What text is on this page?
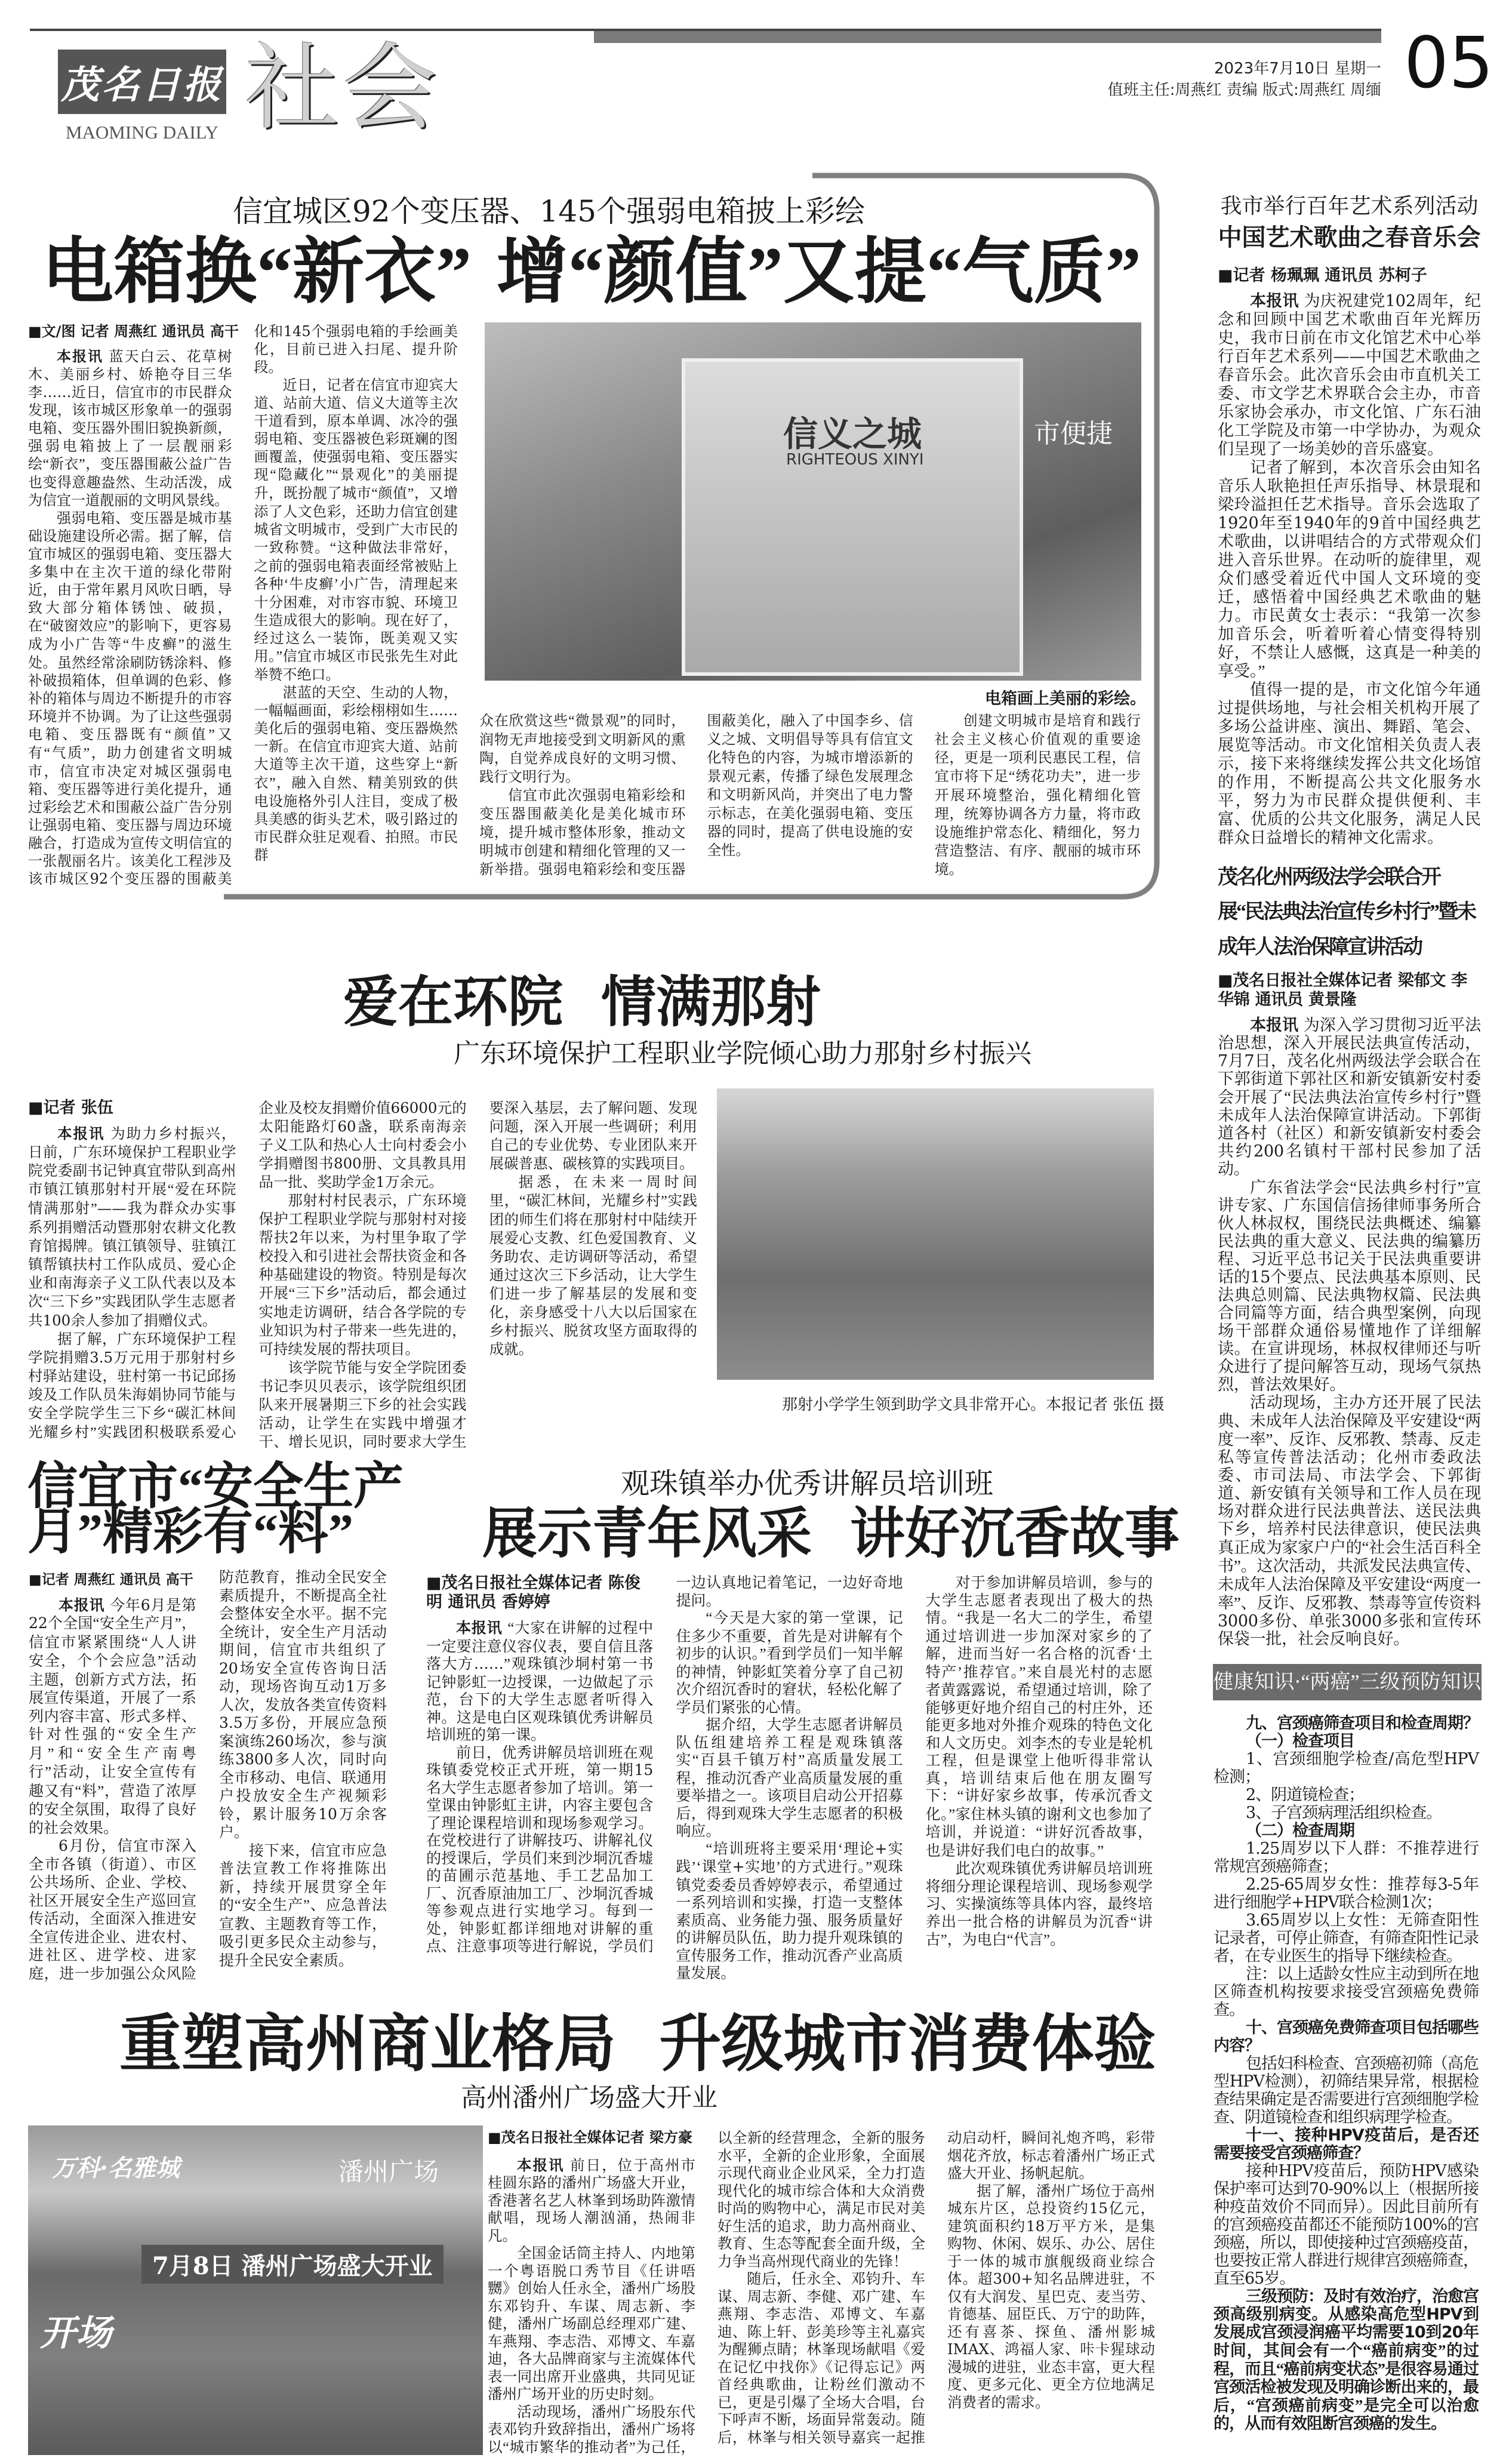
茂名日报
MAOMING DAILY 社会	2023年7月10日 星期一
值班主任:周燕红 责编 版式:周燕红 周缅 05
信宜城区92个变压器、145个强弱电箱披上彩绘
电箱换“新衣” 增“颜值”又提“气质”
■文/图 记者 周燕红 通讯员 高干

本报讯 蓝天白云、花草树木、美丽乡村、娇艳夺目三华李……近日，信宜市的市民群众发现，该市城区形象单一的强弱电箱、变压器外围旧貌换新颜，强弱电箱披上了一层靓丽彩绘“新衣”，变压器围蔽公益广告也变得意趣盎然、生动活泼，成为信宜一道靓丽的文明风景线。

强弱电箱、变压器是城市基础设施建设所必需。据了解，信宜市城区的强弱电箱、变压器大多集中在主次干道的绿化带附近，由于常年累月风吹日晒，导致大部分箱体锈蚀、破损，在“破窗效应”的影响下，更容易成为小广告等“牛皮癣”的滋生处。虽然经常涂刷防锈涂料、修补破损箱体，但单调的色彩、修补的箱体与周边不断提升的市容环境并不协调。为了让这些强弱电箱、变压器既有“颜值”又有“气质”，助力创建省文明城市，信宜市决定对城区强弱电箱、变压器等进行美化提升，通过彩绘艺术和围蔽公益广告分别让强弱电箱、变压器与周边环境融合，打造成为宣传文明信宜的一张靓丽名片。该美化工程涉及该市城区92个变压器的围蔽美化和145个强弱电箱的手绘画美化，目前已进入扫尾、提升阶段。

近日，记者在信宜市迎宾大道、站前大道、信义大道等主次干道看到，原本单调、冰冷的强弱电箱、变压器被色彩斑斓的图画覆盖，使强弱电箱、变压器实现“隐藏化”“景观化”的美丽提升，既扮靓了城市“颜值”，又增添了人文色彩，还助力信宜创建城省文明城市，受到广大市民的一致称赞。“这种做法非常好，之前的强弱电箱表面经常被贴上各种‘牛皮癣’小广告，清理起来十分困难，对市容市貌、环境卫生造成很大的影响。现在好了，经过这么一装饰，既美观又实用。”信宜市城区市民张先生对此举赞不绝口。

湛蓝的天空、生动的人物，一幅幅画面，彩绘栩栩如生……美化后的强弱电箱、变压器焕然一新。在信宜市迎宾大道、站前大道等主次干道，这些穿上“新衣”，融入自然、精美别致的供电设施格外引人注目，变成了极具美感的街头艺术，吸引路过的市民群众驻足观看、拍照。市民群

信义之城
RIGHTEOUS XINYI
市便捷
电箱画上美丽的彩绘。

众在欣赏这些“微景观”的同时，润物无声地接受到文明新风的熏陶，自觉养成良好的文明习惯、践行文明行为。

信宜市此次强弱电箱彩绘和变压器围蔽美化是美化城市环境，提升城市整体形象，推动文明城市创建和精细化管理的又一新举措。强弱电箱彩绘和变压器围蔽美化，融入了中国李乡、信义之城、文明倡导等具有信宜文化特色的内容，为城市增添新的景观元素，传播了绿色发展理念和文明新风尚，并突出了电力警示标志，在美化强弱电箱、变压器的同时，提高了供电设施的安全性。

创建文明城市是培育和践行社会主义核心价值观的重要途径，更是一项利民惠民工程，信宜市将下足“绣花功夫”，进一步开展环境整治，强化精细化管理，统筹协调各方力量，将市政设施维护常态化、精细化，努力营造整洁、有序、靓丽的城市环境。

我市举行百年艺术系列活动
中国艺术歌曲之春音乐会
■记者 杨珮珮 通讯员 苏柯子

本报讯 为庆祝建党102周年，纪念和回顾中国艺术歌曲百年光辉历史，我市日前在市文化馆艺术中心举行百年艺术系列——中国艺术歌曲之春音乐会。此次音乐会由市直机关工委、市文学艺术界联合会主办，市音乐家协会承办，市文化馆、广东石油化工学院及市第一中学协办，为观众们呈现了一场美妙的音乐盛宴。

记者了解到，本次音乐会由知名音乐人耿艳担任声乐指导、林景琨和梁玲溢担任艺术指导。音乐会选取了1920年至1940年的9首中国经典艺术歌曲，以讲唱结合的方式带观众们进入音乐世界。在动听的旋律里，观众们感受着近代中国人文环境的变迁，感悟着中国经典艺术歌曲的魅力。市民黄女士表示：“我第一次参加音乐会，听着听着心情变得特别好，不禁让人感慨，这真是一种美的享受。”

值得一提的是，市文化馆今年通过提供场地，与社会相关机构开展了多场公益讲座、演出、舞蹈、笔会、展览等活动。市文化馆相关负责人表示，接下来将继续发挥公共文化场馆的作用，不断提高公共文化服务水平，努力为市民群众提供便利、丰富、优质的公共文化服务，满足人民群众日益增长的精神文化需求。

茂名化州两级法学会联合开展“民法典法治宣传乡村行”暨未成年人法治保障宣讲活动
■茂名日报社全媒体记者 梁郁文 李华锦 通讯员 黄景隆

本报讯 为深入学习贯彻习近平法治思想，深入开展民法典宣传活动，7月7日，茂名化州两级法学会联合在下郭街道下郭社区和新安镇新安村委会开展了“民法典法治宣传乡村行”暨未成年人法治保障宣讲活动。下郭街道各村（社区）和新安镇新安村委会共约200名镇村干部村民参加了活动。

广东省法学会“民法典乡村行”宣讲专家、广东国信信扬律师事务所合伙人林叔权，围绕民法典概述、编纂民法典的重大意义、民法典的编纂历程、习近平总书记关于民法典重要讲话的15个要点、民法典基本原则、民法典总则篇、民法典物权篇、民法典合同篇等方面，结合典型案例，向现场干部群众通俗易懂地作了详细解读。在宣讲现场，林叔权律师还与听众进行了提问解答互动，现场气氛热烈，普法效果好。

活动现场，主办方还开展了民法典、未成年人法治保障及平安建设“两度一率”、反诈、反邪教、禁毒、反走私等宣传普法活动；化州市委政法委、市司法局、市法学会、下郭街道、新安镇有关领导和工作人员在现场对群众进行民法典普法、送民法典下乡，培养村民法律意识，使民法典真正成为家家户户的“社会生活百科全书”。这次活动，共派发民法典宣传、未成年人法治保障及平安建设“两度一率”、反诈、反邪教、禁毒等宣传资料3000多份、单张3000多张和宣传环保袋一批，社会反响良好。

健康知识·“两癌”三级预防知识

九、宫颈癌筛查项目和检查周期？

（一）检查项目

1、宫颈细胞学检查/高危型HPV检测；

2、阴道镜检查；

3、子宫颈病理活组织检查。

（二）检查周期

1.25周岁以下人群：不推荐进行常规宫颈癌筛查；

2.25-65周岁女性：推荐每3-5年进行细胞学+HPV联合检测1次；

3.65周岁以上女性：无筛查阳性记录者，可停止筛查，有筛查阳性记录者，在专业医生的指导下继续检查。

注：以上适龄女性应主动到所在地区筛查机构按要求接受宫颈癌免费筛查。

十、宫颈癌免费筛查项目包括哪些内容？

包括妇科检查、宫颈癌初筛（高危型HPV检测），初筛结果异常，根据检查结果确定是否需要进行宫颈细胞学检查、阴道镜检查和组织病理学检查。

十一、接种HPV疫苗后，是否还需要接受宫颈癌筛查？

接种HPV疫苗后，预防HPV感染保护率可达到70-90%以上（根据所接种疫苗效价不同而异）。因此目前所有的宫颈癌疫苗都还不能预防100%的宫颈癌，所以，即使接种过宫颈癌疫苗，也要按正常人群进行规律宫颈癌筛查，直至65岁。

三级预防：及时有效治疗，治愈宫颈高级别病变。从感染高危型HPV到发展成宫颈浸润癌平均需要10到20年时间，其间会有一个“癌前病变”的过程，而且“癌前病变状态”是很容易通过宫颈活检被发现及明确诊断出来的，最后，“宫颈癌前病变”是完全可以治愈的，从而有效阻断宫颈癌的发生。

爱在环院  情满那射
广东环境保护工程职业学院倾心助力那射乡村振兴
■记者 张伍

本报讯 为助力乡村振兴，日前，广东环境保护工程职业学院党委副书记钟真宜带队到高州市镇江镇那射村开展“爱在环院 情满那射”——我为群众办实事系列捐赠活动暨那射农耕文化教育馆揭牌。镇江镇领导、驻镇江镇帮镇扶村工作队成员、爱心企业和南海亲子义工队代表以及本次“三下乡”实践团队学生志愿者共100余人参加了捐赠仪式。

据了解，广东环境保护工程学院捐赠3.5万元用于那射村乡村驿站建设，驻村第一书记邱扬竣及工作队员朱海娟协同节能与安全学院学生三下乡“碳汇林间 光耀乡村”实践团积极联系爱心企业及校友捐赠价值66000元的太阳能路灯60盏，联系南海亲子义工队和热心人士向村委会小学捐赠图书800册、文具教具用品一批、奖助学金1万余元。

那射村村民表示，广东环境保护工程职业学院与那射村对接帮扶2年以来，为村里争取了学校投入和引进社会帮扶资金和各种基础建设的物资。特别是每次开展“三下乡”活动后，都会通过实地走访调研，结合各学院的专业知识为村子带来一些先进的，可持续发展的帮扶项目。

该学院节能与安全学院团委书记李贝贝表示，该学院组织团队来开展暑期三下乡的社会实践活动，让学生在实践中增强才干、增长见识，同时要求大学生要深入基层，去了解问题、发现问题，深入开展一些调研；利用自己的专业优势、专业团队来开展碳普惠、碳核算的实践项目。

据悉，在未来一周时间里，“碳汇林间，光耀乡村”实践团的师生们将在那射村中陆续开展爱心支教、红色爱国教育、义务助农、走访调研等活动，希望通过这次三下乡活动，让大学生们进一步了解基层的发展和变化，亲身感受十八大以后国家在乡村振兴、脱贫攻坚方面取得的成就。

那射小学学生领到助学文具非常开心。本报记者 张伍 摄
信宜市“安全生产
月”精彩有“料”
■记者 周燕红 通讯员 高干

本报讯 今年6月是第22个全国“安全生产月”，信宜市紧紧围绕“人人讲安全，个个会应急”活动主题，创新方式方法，拓展宣传渠道，开展了一系列内容丰富、形式多样、针对性强的“安全生产月”和“安全生产南粤行”活动，让安全宣传有趣又有“料”，营造了浓厚的安全氛围，取得了良好的社会效果。

6月份，信宜市深入全市各镇（街道）、市区公共场所、企业、学校、社区开展安全生产巡回宣传活动，全面深入推进安全宣传进企业、进农村、进社区、进学校、进家庭，进一步加强公众风险防范教育，推动全民安全素质提升，不断提高全社会整体安全水平。据不完全统计，安全生产月活动期间，信宜市共组织了20场安全宣传咨询日活动，现场咨询互动1万多人次，发放各类宣传资料3.5万多份，开展应急预案演练260场次，参与演练3800多人次，同时向全市移动、电信、联通用户投放安全生产视频彩铃，累计服务10万余客户。

接下来，信宜市应急普法宣教工作将推陈出新，持续开展贯穿全年的“安全生产”、应急普法宣教、主题教育等工作，吸引更多民众主动参与，提升全民安全素质。

观珠镇举办优秀讲解员培训班
展示青年风采  讲好沉香故事
■茂名日报社全媒体记者 陈俊明 通讯员 香婷婷

本报讯 “大家在讲解的过程中一定要注意仪容仪表，要自信且落落大方……”观珠镇沙垌村第一书记钟影虹一边授课，一边做起了示范，台下的大学生志愿者听得入神。这是电白区观珠镇优秀讲解员培训班的第一课。

前日，优秀讲解员培训班在观珠镇委党校正式开班，第一期15名大学生志愿者参加了培训。第一堂课由钟影虹主讲，内容主要包含了理论课程培训和现场参观学习。在党校进行了讲解技巧、讲解礼仪的授课后，学员们来到沙垌沉香墟的苗圃示范基地、手工艺品加工厂、沉香原油加工厂、沙垌沉香城等参观点进行实地学习。每到一处，钟影虹都详细地对讲解的重点、注意事项等进行解说，学员们一边认真地记着笔记，一边好奇地提问。

“今天是大家的第一堂课，记住多少不重要，首先是对讲解有个初步的认识。”看到学员们一知半解的神情，钟影虹笑着分享了自己初次介绍沉香时的窘状，轻松化解了学员们紧张的心情。

据介绍，大学生志愿者讲解员队伍组建培养工程是观珠镇落实“百县千镇万村”高质量发展工程，推动沉香产业高质量发展的重要举措之一。该项目启动公开招募后，得到观珠大学生志愿者的积极响应。

“培训班将主要采用‘理论+实践’‘课堂+实地’的方式进行。”观珠镇党委委员香婷婷表示，希望通过一系列培训和实操，打造一支整体素质高、业务能力强、服务质量好的讲解员队伍，助力提升观珠镇的宣传服务工作，推动沉香产业高质量发展。

对于参加讲解员培训，参与的大学生志愿者表现出了极大的热情。“我是一名大二的学生，希望通过培训进一步加深对家乡的了解，进而当好一名合格的沉香‘土特产’推荐官。”来自晨光村的志愿者黄露露说，希望通过培训，除了能够更好地介绍自己的村庄外，还能更多地对外推介观珠的特色文化和人文历史。刘李杰的专业是轮机工程，但是课堂上他听得非常认真，培训结束后他在朋友圈写下：“讲好家乡故事，传承沉香文化。”家住林头镇的谢利文也参加了培训，并说道：“讲好沉香故事，也是讲好我们电白的故事。”

此次观珠镇优秀讲解员培训班将细分理论课程培训、现场参观学习、实操演练等具体内容，最终培养出一批合格的讲解员为沉香“讲古”，为电白“代言”。

重塑高州商业格局  升级城市消费体验
高州潘州广场盛大开业
万科·名雅城	潘州广场
7月8日 潘州广场盛大开业
开场
■茂名日报社全媒体记者 梁方豪

本报讯 前日，位于高州市桂圆东路的潘州广场盛大开业，香港著名艺人林峯到场助阵激情献唱，现场人潮汹涌，热闹非凡。

全国金话筒主持人、内地第一个粤语脱口秀节目《任讲唔嬲》创始人任永全，潘州广场股东邓钧升、车谋、周志新、李健，潘州广场副总经理邓广建、车燕翔、李志浩、邓博文、车嘉迪，各大品牌商家与主流媒体代表一同出席开业盛典，共同见证潘州广场开业的历史时刻。

活动现场，潘州广场股东代表邓钧升致辞指出，潘州广场将以“城市繁华的推动者”为己任，以全新的经营理念，全新的服务水平，全新的企业形象，全面展示现代商业企业风采，全力打造现代化的城市综合体和大众消费时尚的购物中心，满足市民对美好生活的追求，助力高州商业、教育、生态等配套全面升级，全力争当高州现代商业的先锋！

随后，任永全、邓钧升、车谋、周志新、李健、邓广建、车燕翔、李志浩、邓博文、车嘉迪、陈上轩、彭美珍等主礼嘉宾为醒狮点睛；林峯现场献唱《爱在记忆中找你》《记得忘记》两首经典歌曲，让粉丝们激动不已，更是引爆了全场大合唱，台下呼声不断，场面异常轰动。随后，林峯与相关领导嘉宾一起推动启动杆，瞬间礼炮齐鸣，彩带烟花齐放，标志着潘州广场正式盛大开业、扬帆起航。

据了解，潘州广场位于高州城东片区，总投资约15亿元，建筑面积约18万平方米，是集购物、休闲、娱乐、办公、居住于一体的城市旗舰级商业综合体。超300+知名品牌进驻，不仅有大润发、星巴克、麦当劳、肯德基、屈臣氏、万宁的助阵，还有喜茶、探鱼、潘州影城IMAX、鸿福人家、咔卡猩球动漫城的进驻，业态丰富，更大程度、更多元化、更全方位地满足消费者的需求。
